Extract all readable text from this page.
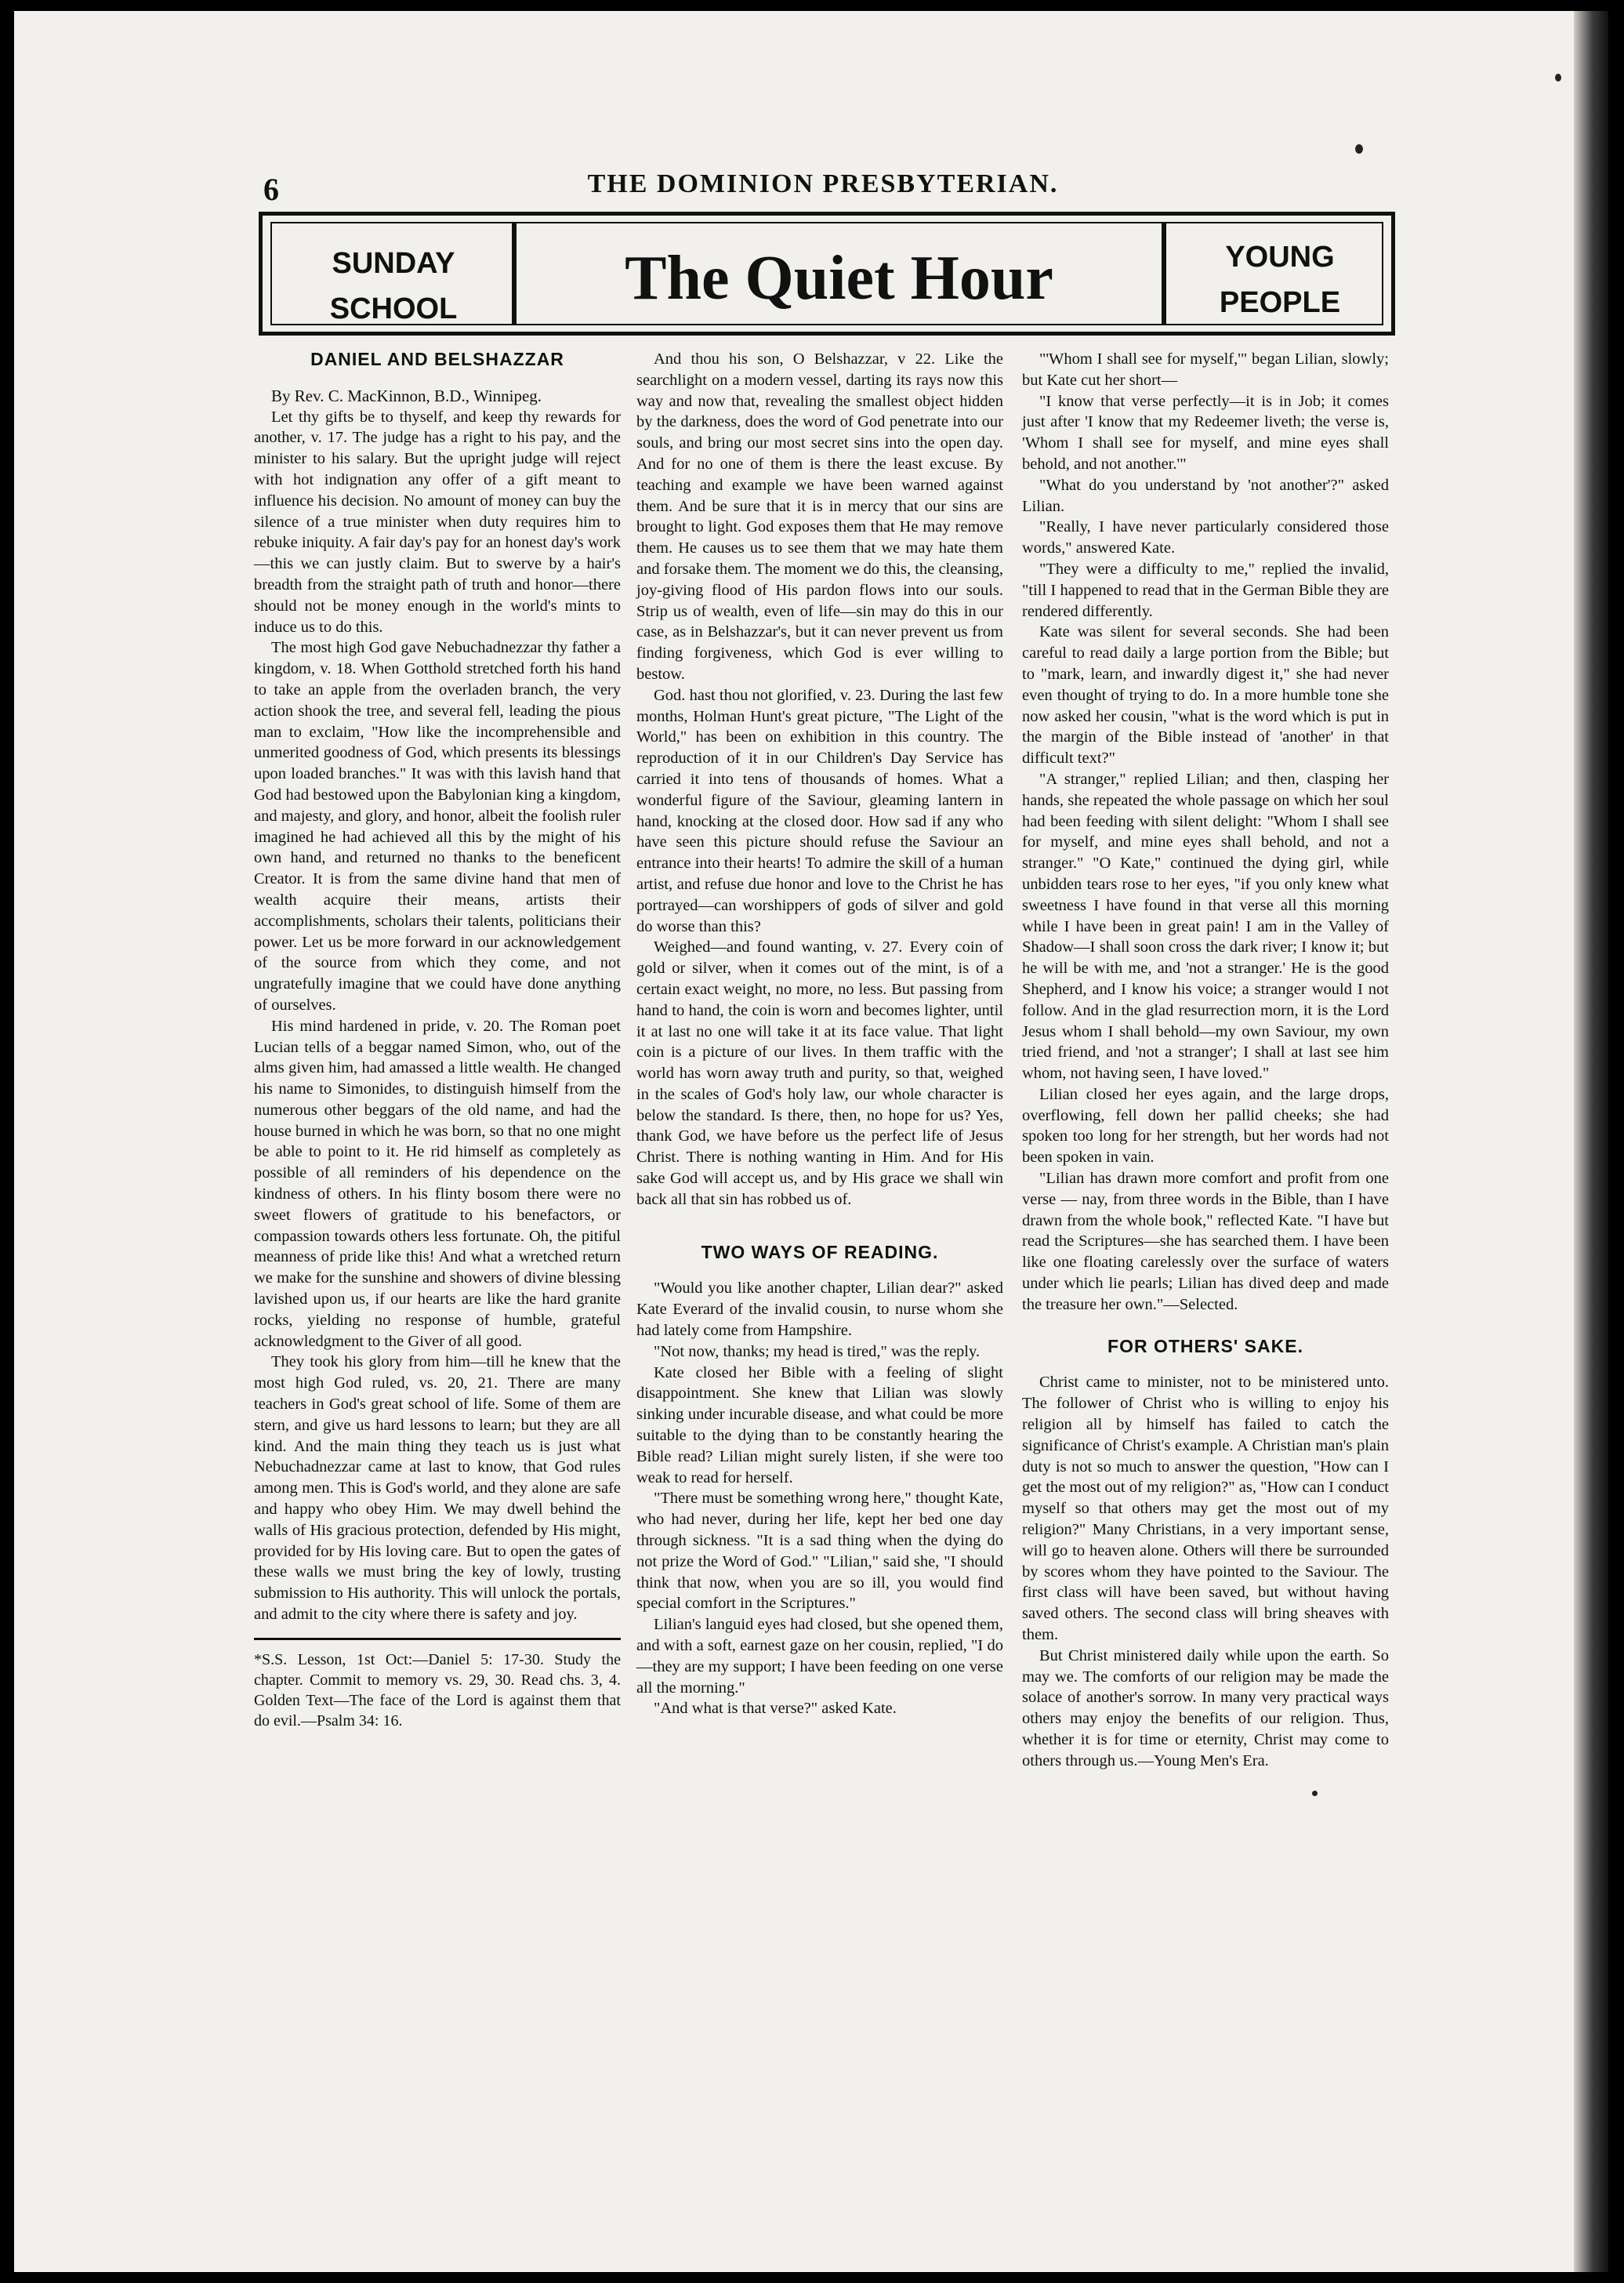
6	THE DOMINION PRESBYTERIAN.
SUNDAY
SCHOOL	The Quiet Hour	YOUNG
PEOPLE
DANIEL AND BELSHAZZAR

By Rev. C. MacKinnon, B.D., Winnipeg.

Let thy gifts be to thyself, and keep thy rewards for another, v. 17. The judge has a right to his pay, and the minister to his salary. But the upright judge will reject with hot indignation any offer of a gift meant to influence his decision. No amount of money can buy the silence of a true minister when duty requires him to rebuke iniquity. A fair day's pay for an honest day's work—this we can justly claim. But to swerve by a hair's breadth from the straight path of truth and honor—there should not be money enough in the world's mints to induce us to do this.

The most high God gave Nebuchadnezzar thy father a kingdom, v. 18. When Gotthold stretched forth his hand to take an apple from the overladen branch, the very action shook the tree, and several fell, leading the pious man to exclaim, "How like the incomprehensible and unmerited goodness of God, which presents its blessings upon loaded branches." It was with this lavish hand that God had bestowed upon the Babylonian king a kingdom, and majesty, and glory, and honor, albeit the foolish ruler imagined he had achieved all this by the might of his own hand, and returned no thanks to the beneficent Creator. It is from the same divine hand that men of wealth acquire their means, artists their accomplishments, scholars their talents, politicians their power. Let us be more forward in our acknowledgement of the source from which they come, and not ungratefully imagine that we could have done anything of ourselves.

His mind hardened in pride, v. 20. The Roman poet Lucian tells of a beggar named Simon, who, out of the alms given him, had amassed a little wealth. He changed his name to Simonides, to distinguish himself from the numerous other beggars of the old name, and had the house burned in which he was born, so that no one might be able to point to it. He rid himself as completely as possible of all reminders of his dependence on the kindness of others. In his flinty bosom there were no sweet flowers of gratitude to his benefactors, or compassion towards others less fortunate. Oh, the pitiful meanness of pride like this! And what a wretched return we make for the sunshine and showers of divine blessing lavished upon us, if our hearts are like the hard granite rocks, yielding no response of humble, grateful acknowledgment to the Giver of all good.

They took his glory from him—till he knew that the most high God ruled, vs. 20, 21. There are many teachers in God's great school of life. Some of them are stern, and give us hard lessons to learn; but they are all kind. And the main thing they teach us is just what Nebuchadnezzar came at last to know, that God rules among men. This is God's world, and they alone are safe and happy who obey Him. We may dwell behind the walls of His gracious protection, defended by His might, provided for by His loving care. But to open the gates of these walls we must bring the key of lowly, trusting submission to His authority. This will unlock the portals, and admit to the city where there is safety and joy.

*S.S. Lesson, 1st Oct:—Daniel 5: 17-30. Study the chapter. Commit to memory vs. 29, 30. Read chs. 3, 4. Golden Text—The face of the Lord is against them that do evil.—Psalm 34: 16.

And thou his son, O Belshazzar, v 22. Like the searchlight on a modern vessel, darting its rays now this way and now that, revealing the smallest object hidden by the darkness, does the word of God penetrate into our souls, and bring our most secret sins into the open day. And for no one of them is there the least excuse. By teaching and example we have been warned against them. And be sure that it is in mercy that our sins are brought to light. God exposes them that He may remove them. He causes us to see them that we may hate them and forsake them. The moment we do this, the cleansing, joy-giving flood of His pardon flows into our souls. Strip us of wealth, even of life—sin may do this in our case, as in Belshazzar's, but it can never prevent us from finding forgiveness, which God is ever willing to bestow.

God. hast thou not glorified, v. 23. During the last few months, Holman Hunt's great picture, "The Light of the World," has been on exhibition in this country. The reproduction of it in our Children's Day Service has carried it into tens of thousands of homes. What a wonderful figure of the Saviour, gleaming lantern in hand, knocking at the closed door. How sad if any who have seen this picture should refuse the Saviour an entrance into their hearts! To admire the skill of a human artist, and refuse due honor and love to the Christ he has portrayed—can worshippers of gods of silver and gold do worse than this?

Weighed—and found wanting, v. 27. Every coin of gold or silver, when it comes out of the mint, is of a certain exact weight, no more, no less. But passing from hand to hand, the coin is worn and becomes lighter, until it at last no one will take it at its face value. That light coin is a picture of our lives. In them traffic with the world has worn away truth and purity, so that, weighed in the scales of God's holy law, our whole character is below the standard. Is there, then, no hope for us? Yes, thank God, we have before us the perfect life of Jesus Christ. There is nothing wanting in Him. And for His sake God will accept us, and by His grace we shall win back all that sin has robbed us of.

TWO WAYS OF READING.

"Would you like another chapter, Lilian dear?" asked Kate Everard of the invalid cousin, to nurse whom she had lately come from Hampshire.

"Not now, thanks; my head is tired," was the reply.

Kate closed her Bible with a feeling of slight disappointment. She knew that Lilian was slowly sinking under incurable disease, and what could be more suitable to the dying than to be constantly hearing the Bible read? Lilian might surely listen, if she were too weak to read for herself.

"There must be something wrong here," thought Kate, who had never, during her life, kept her bed one day through sickness. "It is a sad thing when the dying do not prize the Word of God." "Lilian," said she, "I should think that now, when you are so ill, you would find special comfort in the Scriptures."

Lilian's languid eyes had closed, but she opened them, and with a soft, earnest gaze on her cousin, replied, "I do—they are my support; I have been feeding on one verse all the morning."

"And what is that verse?" asked Kate.

"'Whom I shall see for myself,'" began Lilian, slowly; but Kate cut her short—

"I know that verse perfectly—it is in Job; it comes just after 'I know that my Redeemer liveth; the verse is, 'Whom I shall see for myself, and mine eyes shall behold, and not another.'"

"What do you understand by 'not another'?" asked Lilian.

"Really, I have never particularly considered those words," answered Kate.

"They were a difficulty to me," replied the invalid, "till I happened to read that in the German Bible they are rendered differently.

Kate was silent for several seconds. She had been careful to read daily a large portion from the Bible; but to "mark, learn, and inwardly digest it," she had never even thought of trying to do. In a more humble tone she now asked her cousin, "what is the word which is put in the margin of the Bible instead of 'another' in that difficult text?"

"A stranger," replied Lilian; and then, clasping her hands, she repeated the whole passage on which her soul had been feeding with silent delight: "Whom I shall see for myself, and mine eyes shall behold, and not a stranger." "O Kate," continued the dying girl, while unbidden tears rose to her eyes, "if you only knew what sweetness I have found in that verse all this morning while I have been in great pain! I am in the Valley of Shadow—I shall soon cross the dark river; I know it; but he will be with me, and 'not a stranger.' He is the good Shepherd, and I know his voice; a stranger would I not follow. And in the glad resurrection morn, it is the Lord Jesus whom I shall behold—my own Saviour, my own tried friend, and 'not a stranger'; I shall at last see him whom, not having seen, I have loved."

Lilian closed her eyes again, and the large drops, overflowing, fell down her pallid cheeks; she had spoken too long for her strength, but her words had not been spoken in vain.

"Lilian has drawn more comfort and profit from one verse — nay, from three words in the Bible, than I have drawn from the whole book," reflected Kate. "I have but read the Scriptures—she has searched them. I have been like one floating carelessly over the surface of waters under which lie pearls; Lilian has dived deep and made the treasure her own."—Selected.

FOR OTHERS' SAKE.

Christ came to minister, not to be ministered unto. The follower of Christ who is willing to enjoy his religion all by himself has failed to catch the significance of Christ's example. A Christian man's plain duty is not so much to answer the question, "How can I get the most out of my religion?" as, "How can I conduct myself so that others may get the most out of my religion?" Many Christians, in a very important sense, will go to heaven alone. Others will there be surrounded by scores whom they have pointed to the Saviour. The first class will have been saved, but without having saved others. The second class will bring sheaves with them.

But Christ ministered daily while upon the earth. So may we. The comforts of our religion may be made the solace of another's sorrow. In many very practical ways others may enjoy the benefits of our religion. Thus, whether it is for time or eternity, Christ may come to others through us.—Young Men's Era.
